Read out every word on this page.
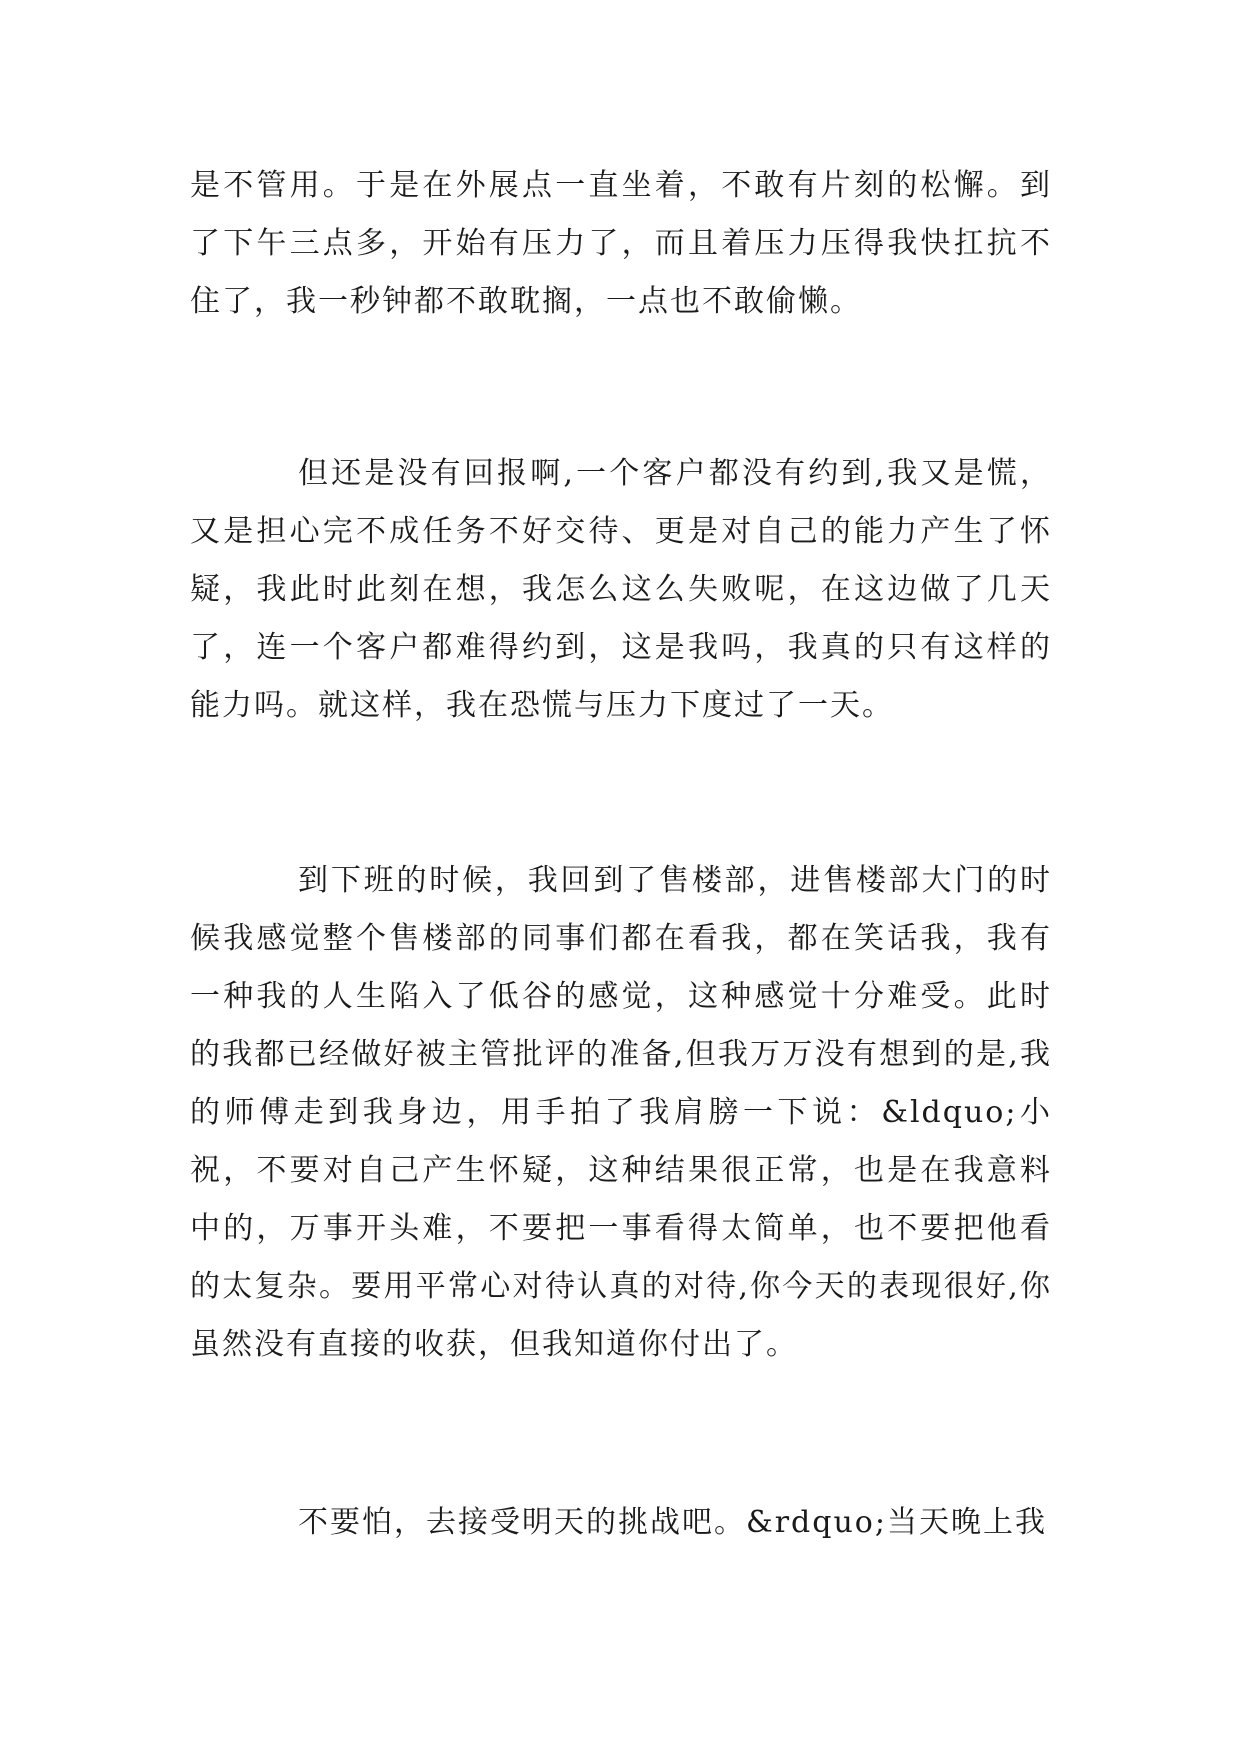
是不管用。于是在外展点一直坐着，不敢有片刻的松懈。到了下午三点多，开始有压力了，而且着压力压得我快扛抗不住了，我一秒钟都不敢耽搁，一点也不敢偷懒。

但还是没有回报啊,一个客户都没有约到,我又是慌，又是担心完不成任务不好交待、更是对自己的能力产生了怀疑，我此时此刻在想，我怎么这么失败呢，在这边做了几天了，连一个客户都难得约到，这是我吗，我真的只有这样的能力吗。就这样，我在恐慌与压力下度过了一天。

到下班的时候，我回到了售楼部，进售楼部大门的时候我感觉整个售楼部的同事们都在看我，都在笑话我，我有一种我的人生陷入了低谷的感觉，这种感觉十分难受。此时的我都已经做好被主管批评的准备,但我万万没有想到的是,我的师傅走到我身边，用手拍了我肩膀一下说：&ldquo;小祝，不要对自己产生怀疑，这种结果很正常，也是在我意料中的，万事开头难，不要把一事看得太简单，也不要把他看的太复杂。要用平常心对待认真的对待,你今天的表现很好,你虽然没有直接的收获，但我知道你付出了。

不要怕，去接受明天的挑战吧。&rdquo;当天晚上我
